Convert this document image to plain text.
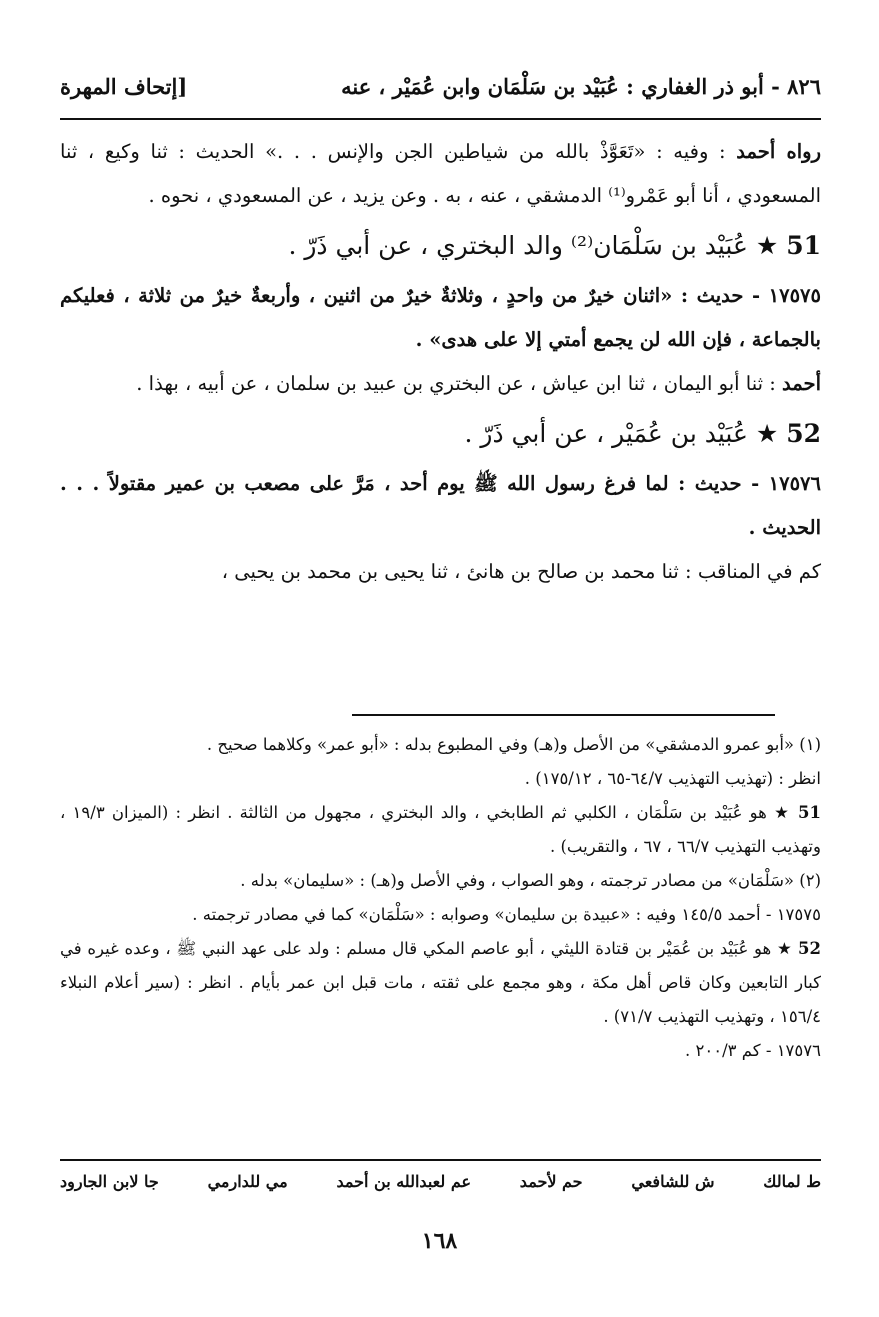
٨٢٦ - أبو ذر الغفاري : عُبَيْد بن سَلْمَان وابن عُمَيْر ، عنه
[إتحاف المهرة

رواه أحمد : وفيه : «تَعَوَّذْ بالله من شياطين الجن والإنس . . .» الحديث : ثنا وكيع ، ثنا المسعودي ، أنا أبو عَمْرو⁽¹⁾ الدمشقي ، عنه ، به . وعن يزيد ، عن المسعودي ، نحوه .

51 ★ عُبَيْد بن سَلْمَان⁽²⁾ والد البختري ، عن أبي ذَرّ .

١٧٥٧٥ - حديث : «اثنان خيرٌ من واحدٍ ، وثلاثةٌ خيرٌ من اثنين ، وأربعةٌ خيرٌ من ثلاثة ، فعليكم بالجماعة ، فإن الله لن يجمع أمتي إلا على هدى» .

أحمد : ثنا أبو اليمان ، ثنا ابن عياش ، عن البختري بن عبيد بن سلمان ، عن أبيه ، بهذا .

52 ★ عُبَيْد بن عُمَيْر ، عن أبي ذَرّ .

١٧٥٧٦ - حديث : لما فرغ رسول الله ﷺ يوم أحد ، مَرَّ على مصعب بن عمير مقتولاً . . . الحديث .

كم في المناقب : ثنا محمد بن صالح بن هانئ ، ثنا يحيى بن محمد بن يحيى ،

(١) «أبو عمرو الدمشقي» من الأصل و(هـ) وفي المطبوع بدله : «أبو عمر» وكلاهما صحيح .

انظر : (تهذيب التهذيب ٦٤/٧-٦٥ ، ١٧٥/١٢) .

51 ★ هو عُبَيْد بن سَلْمَان ، الكلبي ثم الطابخي ، والد البختري ، مجهول من الثالثة . انظر : (الميزان ١٩/٣ ، وتهذيب التهذيب ٦٦/٧ ، ٦٧ ، والتقريب) .

(٢) «سَلْمَان» من مصادر ترجمته ، وهو الصواب ، وفي الأصل و(هـ) : «سليمان» بدله .

١٧٥٧٥ - أحمد ١٤٥/٥ وفيه : «عبيدة بن سليمان» وصوابه : «سَلْمَان» كما في مصادر ترجمته .

52 ★ هو عُبَيْد بن عُمَيْر بن قتادة الليثي ، أبو عاصم المكي قال مسلم : ولد على عهد النبي ﷺ ، وعده غيره في كبار التابعين وكان قاص أهل مكة ، وهو مجمع على ثقته ، مات قبل ابن عمر بأيام . انظر : (سير أعلام النبلاء ١٥٦/٤ ، وتهذيب التهذيب ٧١/٧) .

١٧٥٧٦ - كم ٢٠٠/٣ .

ط لمالك
ش للشافعي
حم لأحمد
عم لعبدالله بن أحمد
مي للدارمي
جا لابن الجارود
١٦٨
